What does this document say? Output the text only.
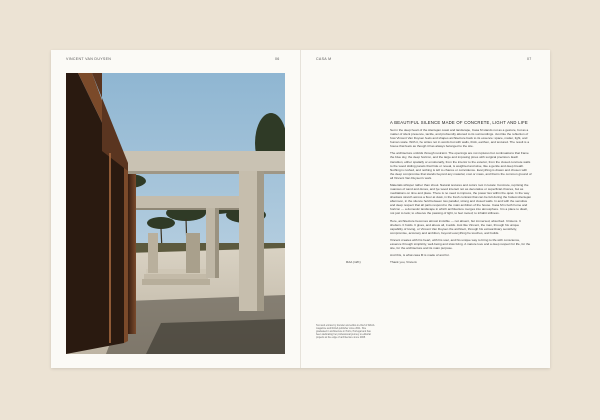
VINCENT VAN DUYSEN	06	CASA M	07
A BEAUTIFUL SILENCE MADE OF CONCRETE, LIGHT AND LIFE

Set in the deep heart of the Alentejan coast and landscape, Casa M stands not as a gesture, but as a matter of silent presence, tactile, and profoundly attuned to its surroundings. Just like the reflection of how Vincent Van Duysen feels and shapes architecture back to its essence: space, matter, light, and human scale. With it, he writes not in words but with walls, thick, earthen, and textured. The result is a house that feels as though it has always belonged to the site.

The architecture unfolds through restraint. The openings are not ruptures but continuations that frame the blue sky, the deep horizon, and the large and imposing pines with surgical precision. Each transition, either spatially or emotionally, from the interior to the exterior, from the closed concrete walls to the wood sliding panels that hide or reveal, is weighted and wise, like a gentle and deep breath. Nothing is rushed, and nothing is left to chance or coincidence. Everything is drawn and chosen with the deep compromise that stands beyond any material, cost or mass, and that is the common ground of all Vincent Van Duysen's work.

Materials whisper rather than shout. Natural textures and colors root in locale: Concrete, reprising the nuances of sand and dunes, and lye wood interact not as decorative or superficial choices, but as meditations on time and place. There is no need to impress, the power lies within the quiet. In the way shadows stretch across a floor at dusk, in the fresh contrast that can be felt during the hottest Alentejan afternoon, in the silence held between two parallel, strong and closed walls. In and with the sensitive and deep respect that all parts respond to the main ambition of the house. Casa M is both home and horizon — a domestic landscape in which architecture merges into atmosphere. It is a place to dwell, not just to look; to observe the passing of light, to feel rooted; to inhabit stillness.

Here, architecture becomes almost invisible — not absent, but immersed, absorbed. It listens. It shelters. It holds. It gives, and above all, it adds. Just like Vincent, the man, through his unique capability of loving, or Vincent Van Duysen the architect, through his extraordinary sensitivity, compromise, accuracy and ambition, beyond everything he touches, and builds.

Vincent creates with his heart, with his soul, and his unique way to bring to life with conscience, essence through simplicity, well-being and slow living. A mature love and a deep respect for life, for the site, for the architecture and its main purpose.

And this, is what casa M is made of and for.

RAA (12K)	Thank you, Vincent.
Text and entries by founder and editor-in-chief of RAAA magazine and RAAA publisher since 2011. She graduated in architecture in Porto, Portugal and has been dedicating her professional journey to editorial projects at the edge of architecture since 2008.
